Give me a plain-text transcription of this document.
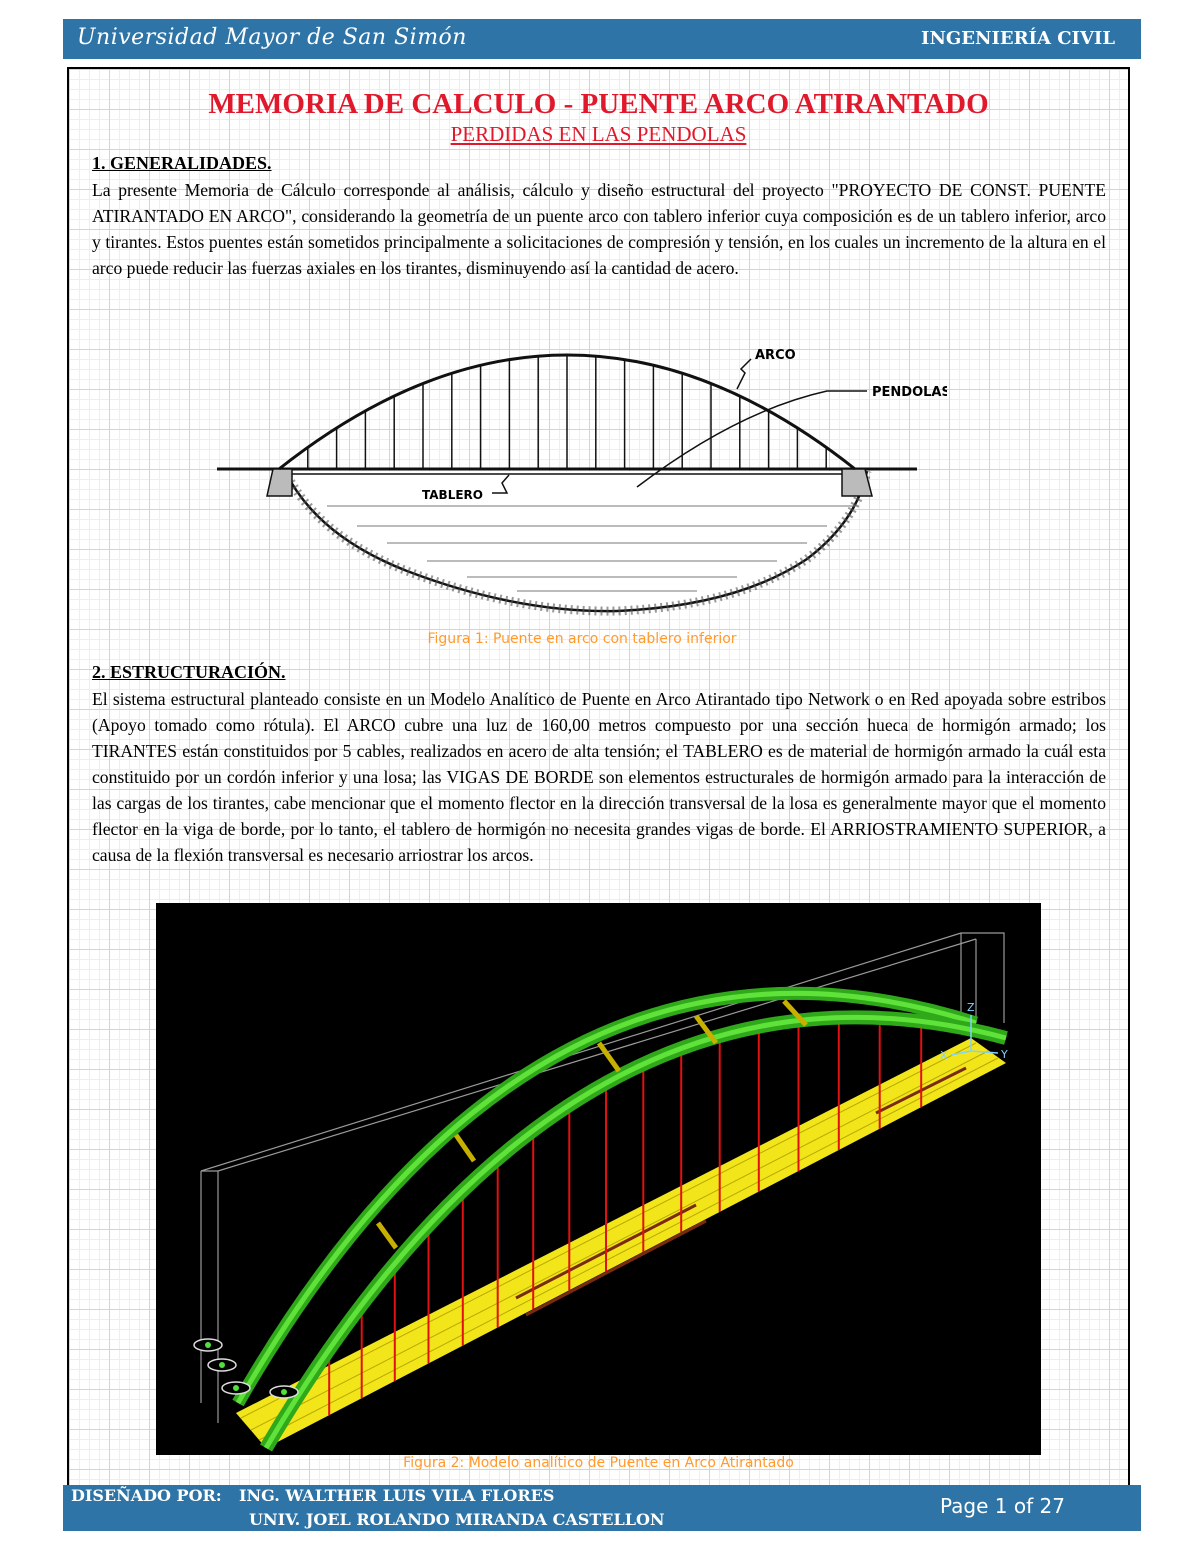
Universidad Mayor de San Simón	INGENIERÍA CIVIL
MEMORIA DE CALCULO - PUENTE ARCO ATIRANTADO
PERDIDAS EN LAS PENDOLAS
1. GENERALIDADES.

La presente Memoria de Cálculo corresponde al análisis, cálculo y diseño estructural del proyecto "PROYECTO DE CONST. PUENTE ATIRANTADO EN ARCO", considerando la geometría de un puente arco con tablero inferior cuya composición es de un tablero inferior, arco y tirantes. Estos puentes están sometidos principalmente a solicitaciones de compresión y tensión, en los cuales un incremento de la altura en el arco puede reducir las fuerzas axiales en los tirantes, disminuyendo así la cantidad de acero.

ARCO
PENDOLAS
TABLERO
Figura 1: Puente en arco con tablero inferior
2. ESTRUCTURACIÓN.

El sistema estructural planteado consiste en un Modelo Analítico de Puente en Arco Atirantado tipo Network o en Red apoyada sobre estribos (Apoyo tomado como rótula). El ARCO cubre una luz de 160,00 metros compuesto por una sección hueca de hormigón armado; los TIRANTES están constituidos por 5 cables, realizados en acero de alta tensión; el TABLERO es de material de hormigón armado la cuál esta constituido por un cordón inferior y una losa; las VIGAS DE BORDE son elementos estructurales de hormigón armado para la interacción de las cargas de los tirantes, cabe mencionar que el momento flector en la dirección transversal de la losa es generalmente mayor que el momento flector en la viga de borde, por lo tanto, el tablero de hormigón no necesita grandes vigas de borde. El ARRIOSTRAMIENTO SUPERIOR, a causa de la flexión transversal es necesario arriostrar los arcos.

Z
X	Y
Figura 2: Modelo analítico de Puente en Arco Atirantado
DISEÑADO POR: ING. WALTHER LUIS VILA FLORES
UNIV. JOEL ROLANDO MIRANDA CASTELLON
Page 1 of 27
